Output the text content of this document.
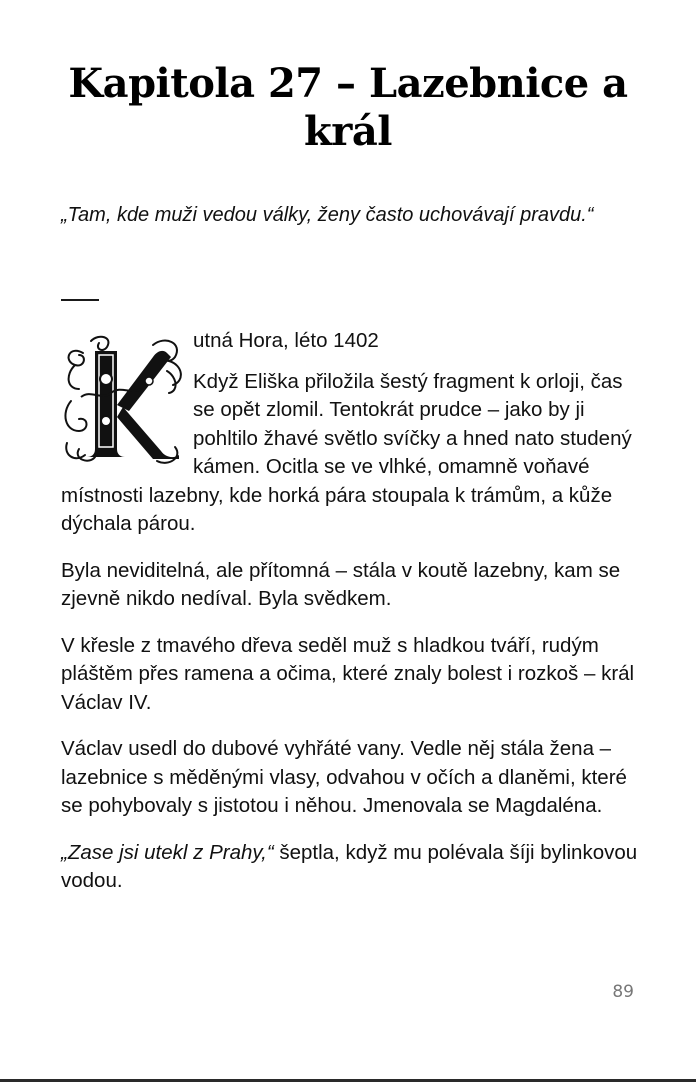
Kapitola 27 – Lazebnice a král

„Tam, kde muži vedou války, ženy často uchovávají pravdu.“

utná Hora, léto 1402

Když Eliška přiložila šestý fragment k orloji, čas se opět zlomil. Tentokrát prudce – jako by ji pohltilo žhavé světlo svíčky a hned nato studený kámen. Ocitla se ve vlhké, omamně voňavé místnosti lazebny, kde horká pára stoupala k trámům, a kůže dýchala párou.

Byla neviditelná, ale přítomná – stála v koutě lazebny, kam se zjevně nikdo nedíval. Byla svědkem.

V křesle z tmavého dřeva seděl muž s hladkou tváří, rudým pláštěm přes ramena a očima, které znaly bolest i rozkoš – král Václav IV.

Václav usedl do dubové vyhřáté vany. Vedle něj stála žena – lazebnice s měděnými vlasy, odvahou v očích a dlaněmi, které se pohybovaly s jistotou i něhou. Jmenovala se Magdaléna.

„Zase jsi utekl z Prahy,“ šeptla, když mu polévala šíji bylinkovou vodou.

89
